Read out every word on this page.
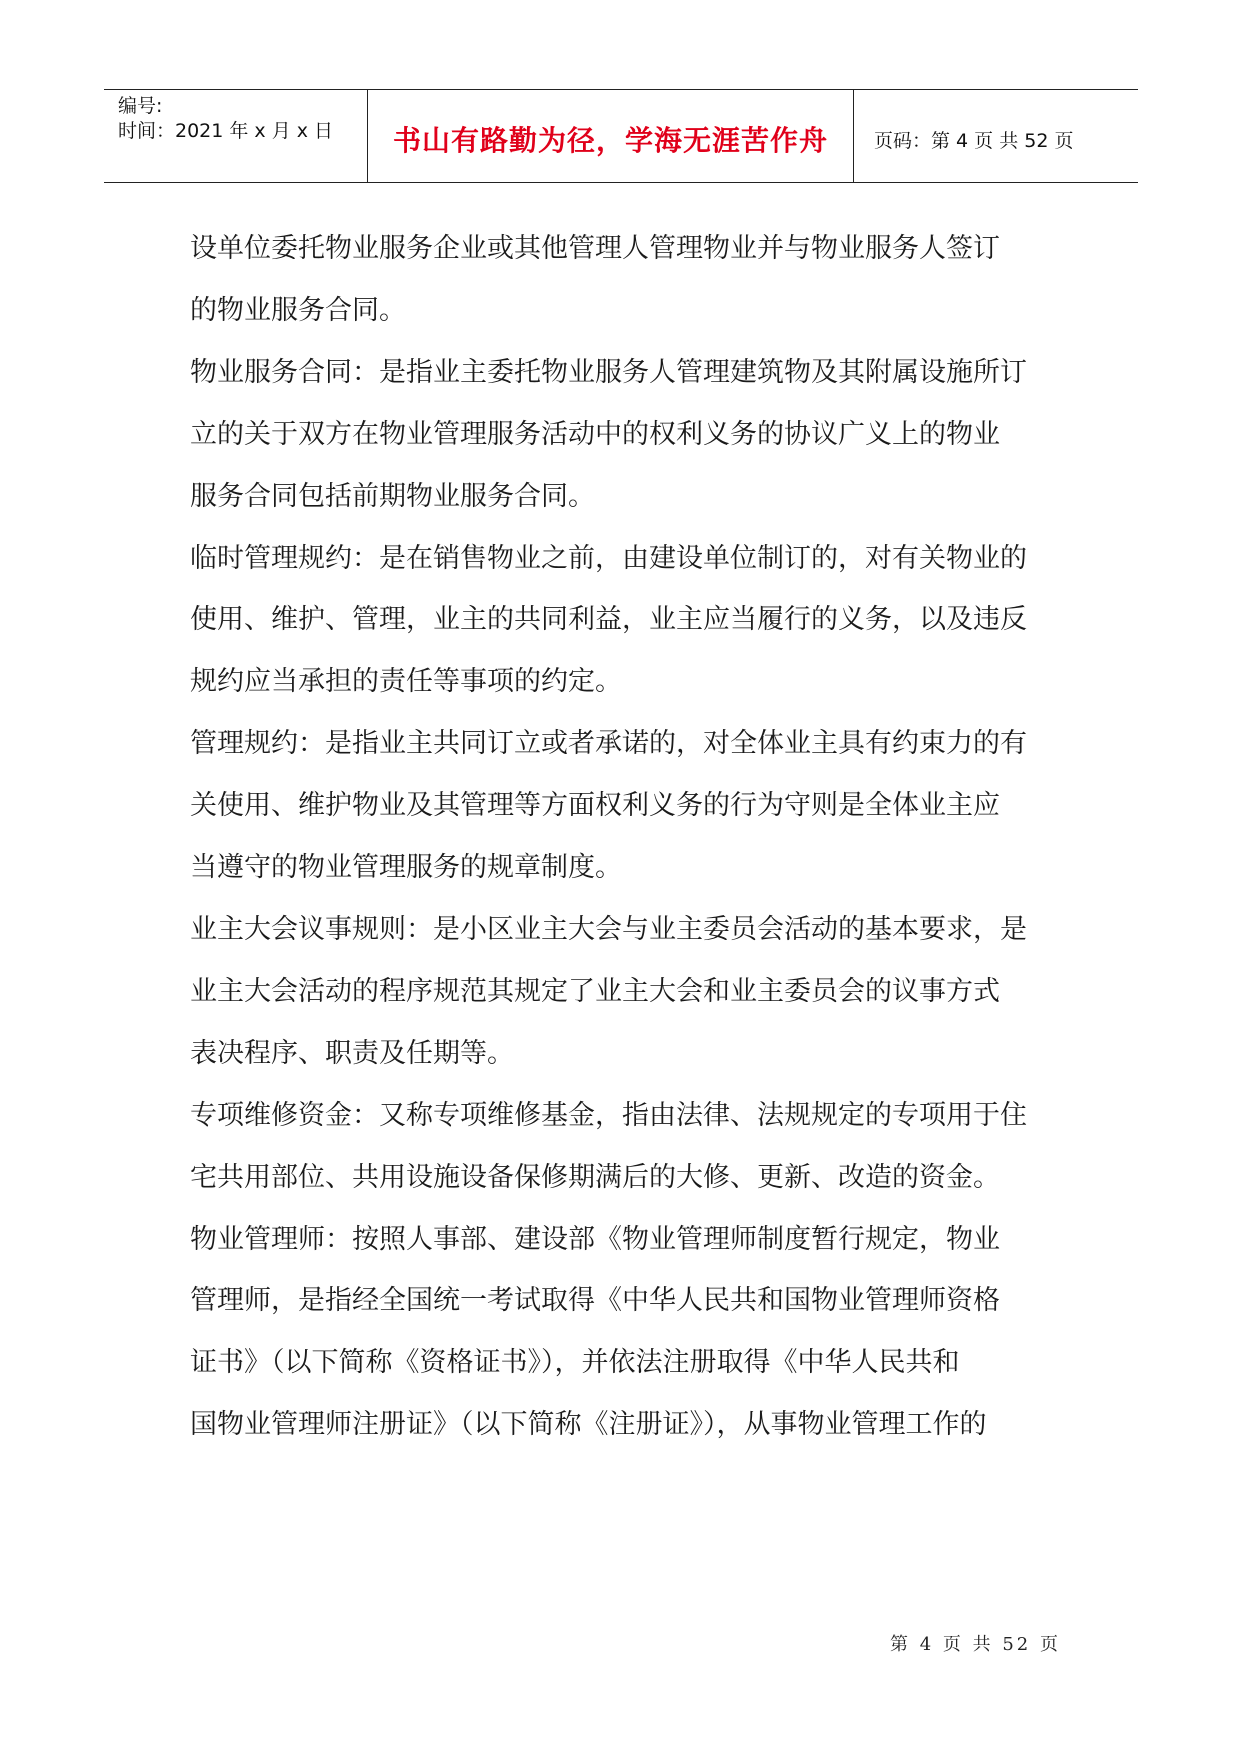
编号:
时间：2021 年 x 月 x 日	书山有路勤为径，学海无涯苦作舟	页码：第 4 页 共 52 页

设单位委托物业服务企业或其他管理人管理物业并与物业服务人签订

的物业服务合同。

物业服务合同：是指业主委托物业服务人管理建筑物及其附属设施所订

立的关于双方在物业管理服务活动中的权利义务的协议广义上的物业

服务合同包括前期物业服务合同。

临时管理规约：是在销售物业之前，由建设单位制订的，对有关物业的

使用、维护、管理，业主的共同利益，业主应当履行的义务，以及违反

规约应当承担的责任等事项的约定。

管理规约：是指业主共同订立或者承诺的，对全体业主具有约束力的有

关使用、维护物业及其管理等方面权利义务的行为守则是全体业主应

当遵守的物业管理服务的规章制度。

业主大会议事规则：是小区业主大会与业主委员会活动的基本要求，是

业主大会活动的程序规范其规定了业主大会和业主委员会的议事方式

表决程序、职责及任期等。

专项维修资金：又称专项维修基金，指由法律、法规规定的专项用于住

宅共用部位、共用设施设备保修期满后的大修、更新、改造的资金。

物业管理师：按照人事部、建设部《物业管理师制度暂行规定，物业

管理师，是指经全国统一考试取得《中华人民共和国物业管理师资格

证书》（以下简称《资格证书》），并依法注册取得《中华人民共和

国物业管理师注册证》（以下简称《注册证》），从事物业管理工作的

第 4 页 共 52 页
